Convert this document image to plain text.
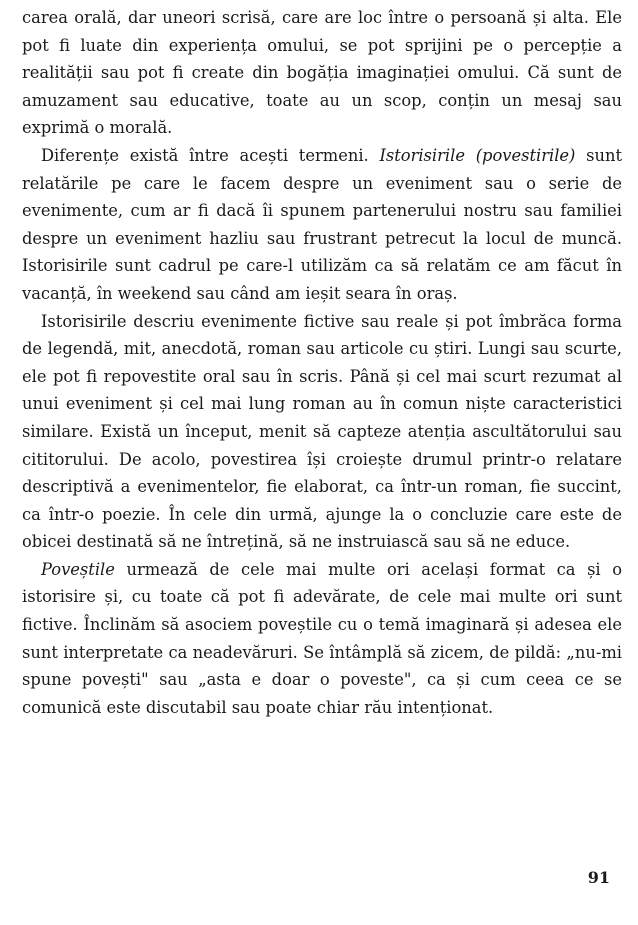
carea orală, dar uneori scrisă, care are loc între o persoană și alta. Ele pot fi luate din experiența omului, se pot sprijini pe o percepție a realității sau pot fi create din bogăția imaginației omului. Că sunt de amuzament sau educative, toate au un scop, conțin un mesaj sau exprimă o morală.

Diferențe există între acești termeni. Istorisirile (povestirile) sunt relatările pe care le facem despre un eveniment sau o serie de evenimente, cum ar fi dacă îi spunem partenerului nostru sau familiei despre un eveniment hazliu sau frustrant petrecut la locul de muncă. Istorisirile sunt cadrul pe care-l utilizăm ca să relatăm ce am făcut în vacanță, în weekend sau când am ieșit seara în oraș.

Istorisirile descriu evenimente fictive sau reale și pot îmbrăca forma de legendă, mit, anecdotă, roman sau articole cu știri. Lungi sau scurte, ele pot fi repovestite oral sau în scris. Până și cel mai scurt rezumat al unui eveniment și cel mai lung roman au în comun niște caracteristici similare. Există un început, menit să capteze atenția ascultătorului sau cititorului. De acolo, povestirea își croiește drumul printr-o relatare descriptivă a evenimentelor, fie elaborat, ca într-un roman, fie succint, ca într-o poezie. În cele din urmă, ajunge la o concluzie care este de obicei destinată să ne întrețină, să ne instruiască sau să ne educe.

Poveștile urmează de cele mai multe ori același format ca și o istorisire și, cu toate că pot fi adevărate, de cele mai multe ori sunt fictive. Înclinăm să asociem poveștile cu o temă imaginară și adesea ele sunt interpretate ca neadevăruri. Se întâmplă să zicem, de pildă: „nu-mi spune povești" sau „asta e doar o poveste", ca și cum ceea ce se comunică este discutabil sau poate chiar rău intenționat.

91
